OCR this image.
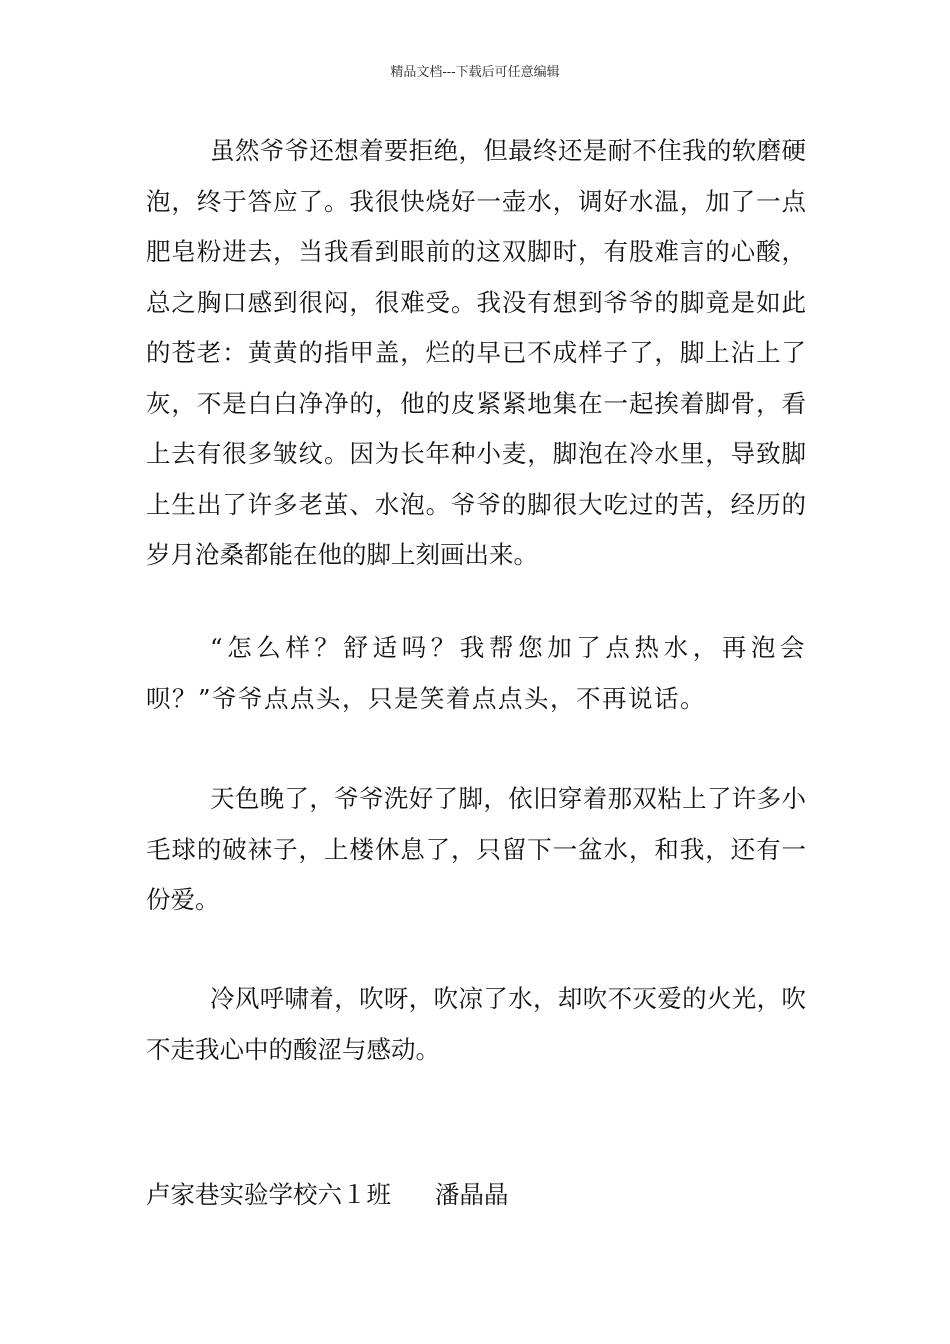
精品文档---下载后可任意编辑

虽然爷爷还想着要拒绝，但最终还是耐不住我的软磨硬泡，终于答应了。我很快烧好一壶水，调好水温，加了一点肥皂粉进去，当我看到眼前的这双脚时，有股难言的心酸，总之胸口感到很闷，很难受。我没有想到爷爷的脚竟是如此的苍老：黄黄的指甲盖，烂的早已不成样子了，脚上沾上了灰，不是白白净净的，他的皮紧紧地集在一起挨着脚骨，看上去有很多皱纹。因为长年种小麦，脚泡在冷水里，导致脚上生出了许多老茧、水泡。爷爷的脚很大吃过的苦，经历的岁月沧桑都能在他的脚上刻画出来。

“怎么样？舒适吗？我帮您加了点热水，再泡会呗？”爷爷点点头，只是笑着点点头，不再说话。

天色晚了，爷爷洗好了脚，依旧穿着那双粘上了许多小毛球的破袜子，上楼休息了，只留下一盆水，和我，还有一份爱。

冷风呼啸着，吹呀，吹凉了水，却吹不灭爱的火光，吹不走我心中的酸涩与感动。

卢家巷实验学校六１班 潘晶晶
